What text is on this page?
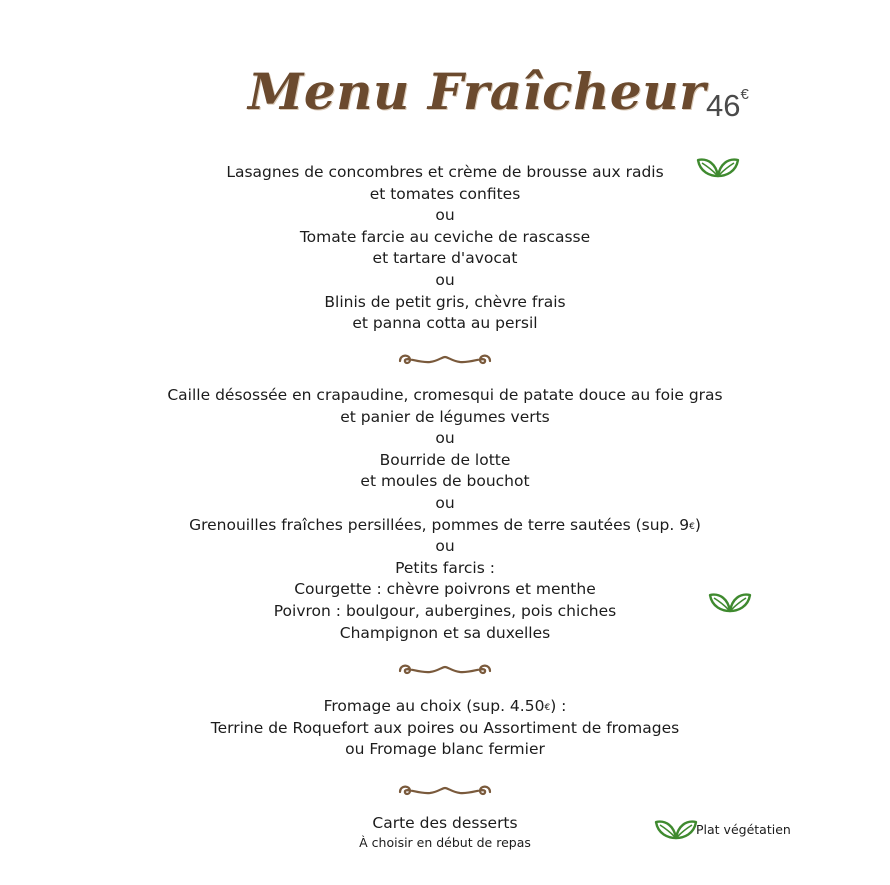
Menu Fraîcheur 46€
Lasagnes de concombres et crème de brousse aux radis
et tomates confites
ou
Tomate farcie au ceviche de rascasse
et tartare d'avocat
ou
Blinis de petit gris, chèvre frais
et panna cotta au persil
Caille désossée en crapaudine, cromesqui de patate douce au foie gras
et panier de légumes verts
ou
Bourride de lotte
et moules de bouchot
ou
Grenouilles fraîches persillées, pommes de terre sautées (sup. 9€)
ou
Petits farcis :
Courgette : chèvre poivrons et menthe
Poivron : boulgour, aubergines, pois chiches
Champignon et sa duxelles
Fromage au choix (sup. 4.50€) :
Terrine de Roquefort aux poires ou Assortiment de fromages
ou Fromage blanc fermier
Carte des desserts
À choisir en début de repas
Plat végétatien
